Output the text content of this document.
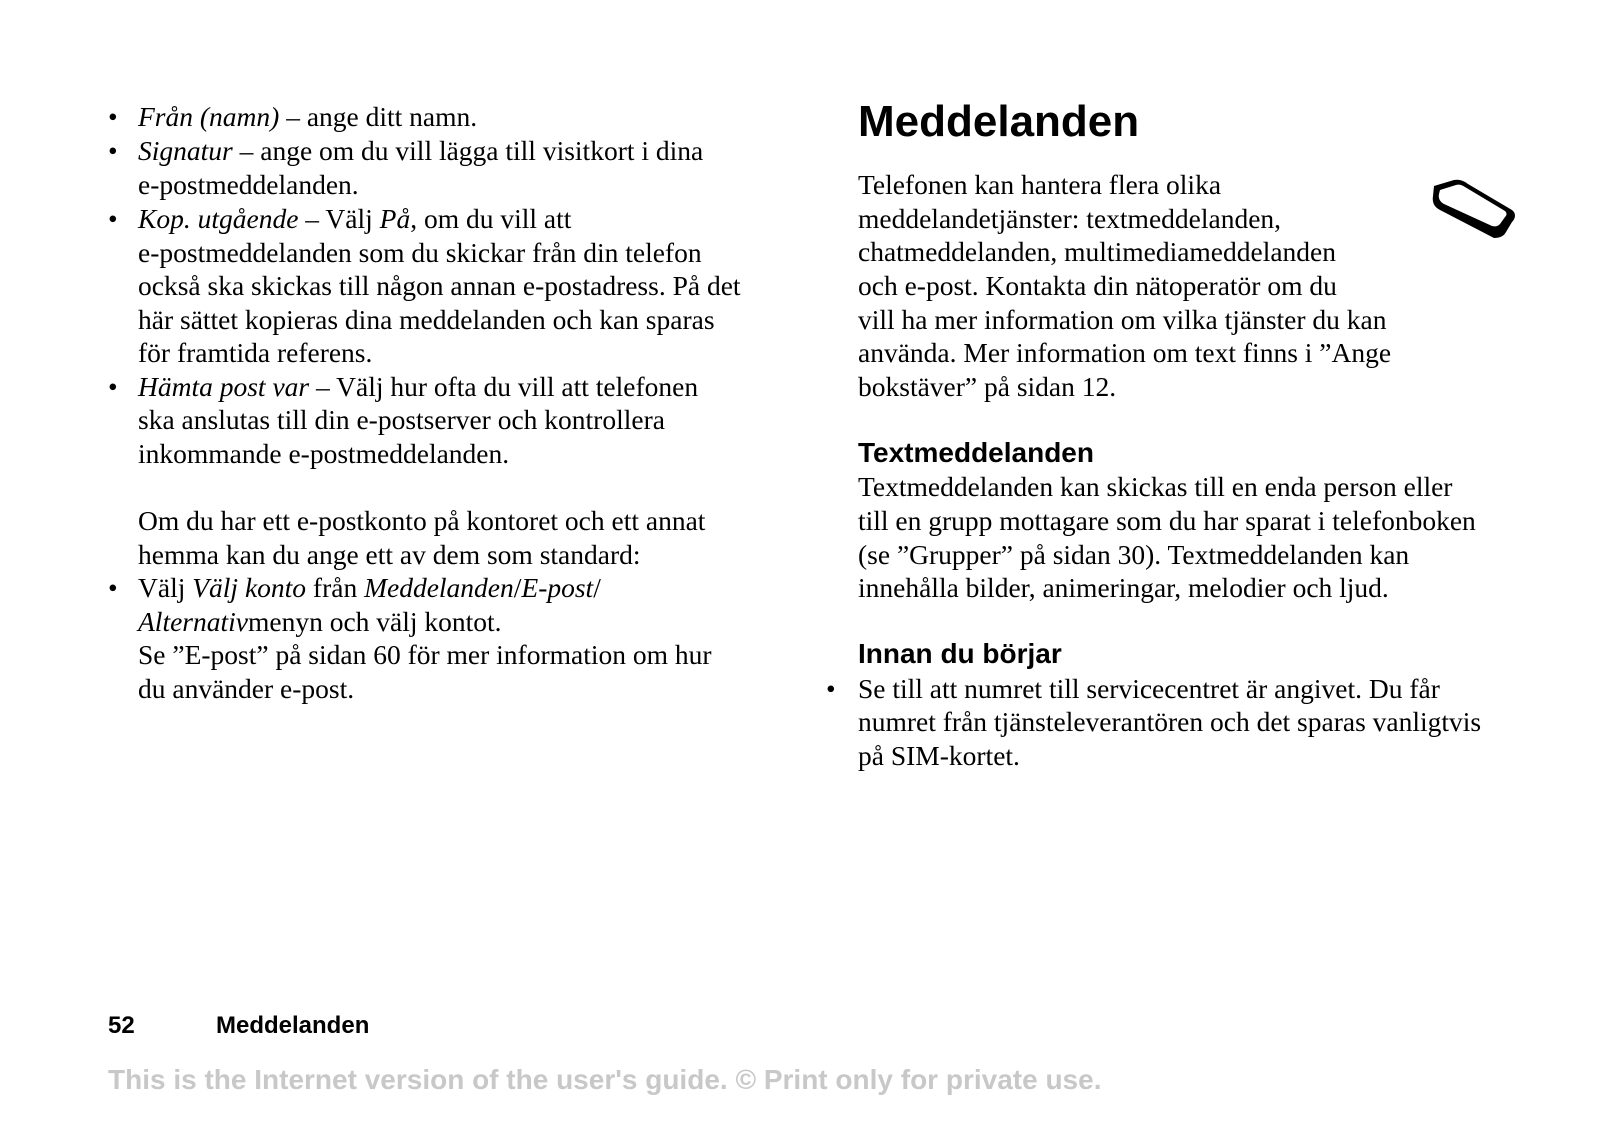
• Från (namn) – ange ditt namn.
• Signatur – ange om du vill lägga till visitkort i dina
e-postmeddelanden.
• Kop. utgående – Välj På, om du vill att
e-postmeddelanden som du skickar från din telefon
också ska skickas till någon annan e-postadress. På det
här sättet kopieras dina meddelanden och kan sparas
för framtida referens.
• Hämta post var – Välj hur ofta du vill att telefonen
ska anslutas till din e-postserver och kontrollera
inkommande e-postmeddelanden.
Om du har ett e-postkonto på kontoret och ett annat
hemma kan du ange ett av dem som standard:
• Välj Välj konto från Meddelanden/E-post/
Alternativmenyn och välj kontot.
Se ”E-post” på sidan 60 för mer information om hur
du använder e-post.
Meddelanden
Telefonen kan hantera flera olika
meddelandetjänster: textmeddelanden,
chatmeddelanden, multimediameddelanden
och e-post. Kontakta din nätoperatör om du
vill ha mer information om vilka tjänster du kan
använda. Mer information om text finns i ”Ange
bokstäver” på sidan 12.
Textmeddelanden
Textmeddelanden kan skickas till en enda person eller
till en grupp mottagare som du har sparat i telefonboken
(se ”Grupper” på sidan 30). Textmeddelanden kan
innehålla bilder, animeringar, melodier och ljud.
Innan du börjar
• Se till att numret till servicecentret är angivet. Du får
numret från tjänsteleverantören och det sparas vanligtvis
på SIM-kortet.
52	Meddelanden
This is the Internet version of the user's guide. © Print only for private use.
